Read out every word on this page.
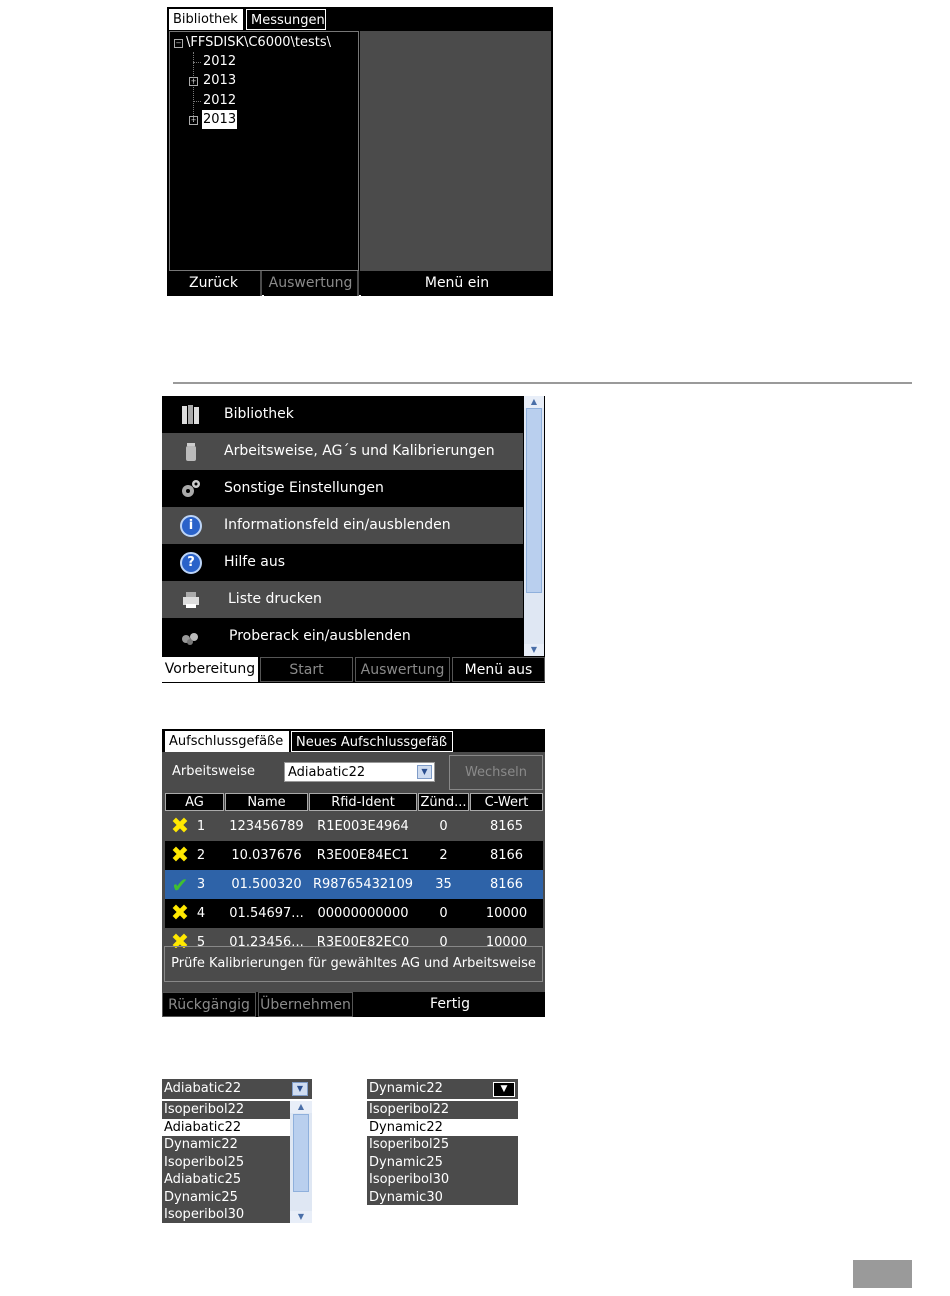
Bibliothek	Messungen
− \FFSDISK\C6000\tests\
2012
+ 2013
2012
+ 2013
Zurück	Auswertung	Menü ein
Bibliothek
Arbeitsweise, AG´s und Kalibrierungen
Sonstige Einstellungen
i	Informationsfeld ein/ausblenden
?	Hilfe aus
Liste drucken
Proberack ein/ausblenden
▲
▼
Vorbereitung	Start	Auswertung	Menü aus
Aufschlussgefäße Neues Aufschlussgefäß
Arbeitsweise	Adiabatic22	▼	Wechseln
AG	Name	Rfid-Ident	Zünd...	C-Wert
✖ 1	123456789	R1E003E4964	0	8165
✖ 2	10.037676	R3E00E84EC1	2	8166
✔ 3	01.500320 R98765432109	35	8166
✖ 4	01.54697...	00000000000	0	10000
✖ 5	01.23456...	R3E00E82EC0	0	10000
Prüfe Kalibrierungen für gewähltes AG und Arbeitsweise
Rückgängig Übernehmen	Fertig
Adiabatic22	▼
Isoperibol22
Adiabatic22
Dynamic22
Isoperibol25
Adiabatic25
Dynamic25
Isoperibol30
▲
▼
Dynamic22	▼
Isoperibol22
Dynamic22
Isoperibol25
Dynamic25
Isoperibol30
Dynamic30
